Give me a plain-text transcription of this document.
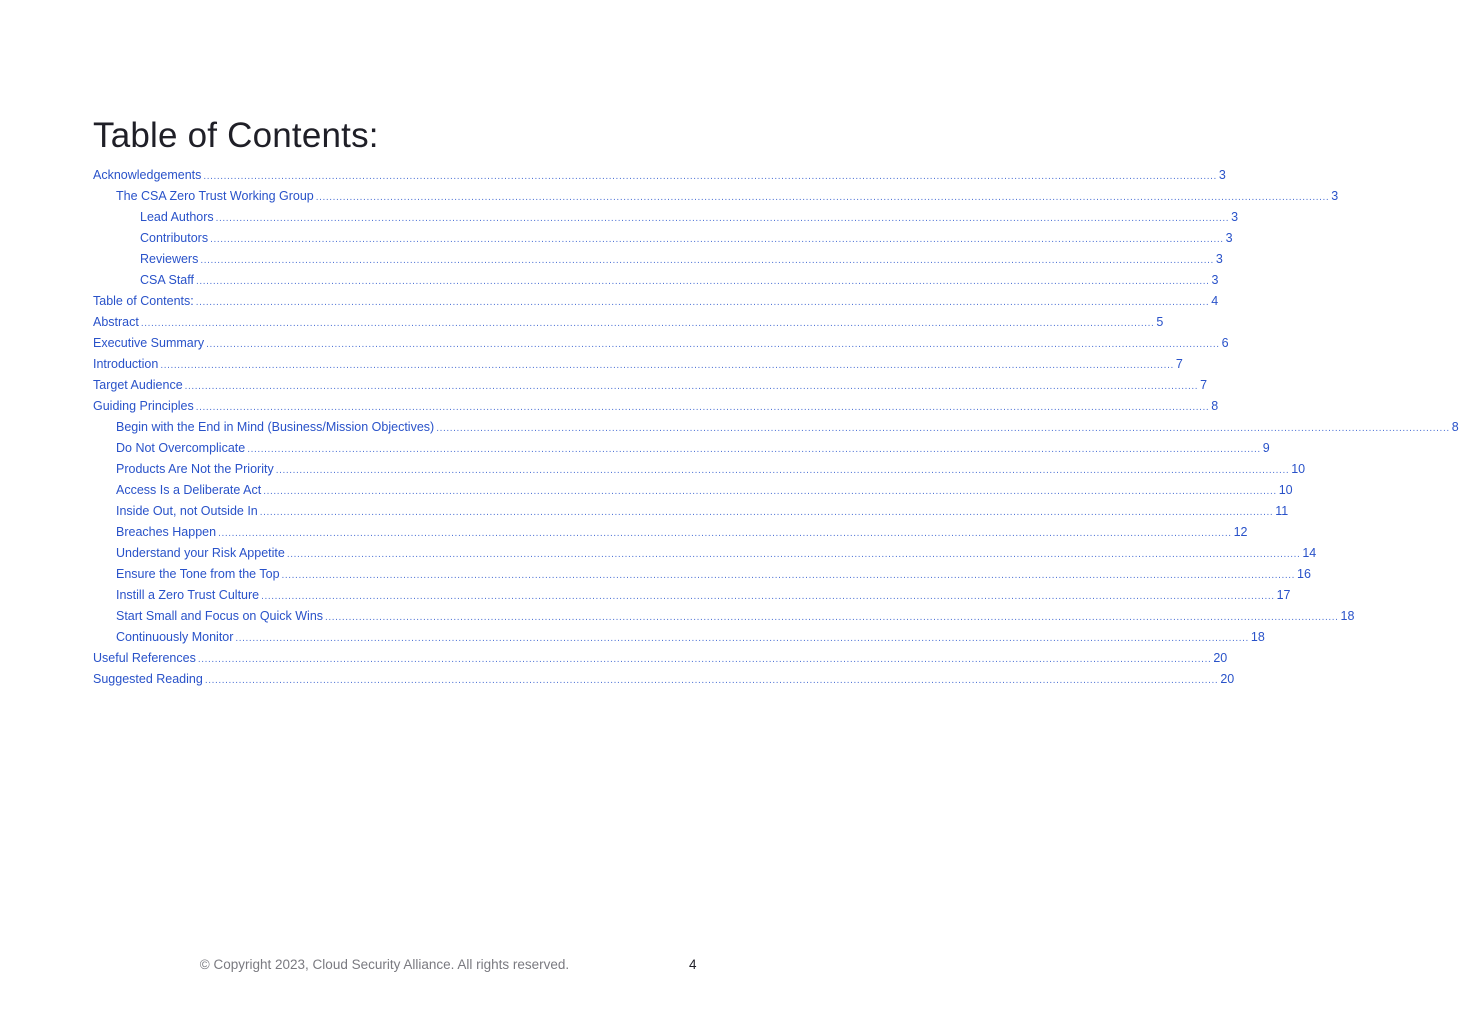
Table of Contents:
Acknowledgements ............................................................................................................................................................................................................................................................................................................ 3
The CSA Zero Trust Working Group ............................................................................................................................................................................................................................................................................................................ 3
Lead Authors ............................................................................................................................................................................................................................................................................................................ 3
Contributors ............................................................................................................................................................................................................................................................................................................ 3
Reviewers ............................................................................................................................................................................................................................................................................................................ 3
CSA Staff ............................................................................................................................................................................................................................................................................................................ 3
Table of Contents: ............................................................................................................................................................................................................................................................................................................ 4
Abstract ............................................................................................................................................................................................................................................................................................................ 5
Executive Summary ............................................................................................................................................................................................................................................................................................................ 6
Introduction ............................................................................................................................................................................................................................................................................................................ 7
Target Audience ............................................................................................................................................................................................................................................................................................................ 7
Guiding Principles ............................................................................................................................................................................................................................................................................................................ 8
Begin with the End in Mind (Business/Mission Objectives) ............................................................................................................................................................................................................................................................................................................ 8
Do Not Overcomplicate ............................................................................................................................................................................................................................................................................................................ 9
Products Are Not the Priority ............................................................................................................................................................................................................................................................................................................ 10
Access Is a Deliberate Act ............................................................................................................................................................................................................................................................................................................ 10
Inside Out, not Outside In ............................................................................................................................................................................................................................................................................................................ 11
Breaches Happen ............................................................................................................................................................................................................................................................................................................ 12
Understand your Risk Appetite ............................................................................................................................................................................................................................................................................................................ 14
Ensure the Tone from the Top ............................................................................................................................................................................................................................................................................................................ 16
Instill a Zero Trust Culture ............................................................................................................................................................................................................................................................................................................ 17
Start Small and Focus on Quick Wins ............................................................................................................................................................................................................................................................................................................ 18
Continuously Monitor ............................................................................................................................................................................................................................................................................................................ 18
Useful References ............................................................................................................................................................................................................................................................................................................ 20
Suggested Reading ............................................................................................................................................................................................................................................................................................................ 20
© Copyright 2023, Cloud Security Alliance. All rights reserved.	4
